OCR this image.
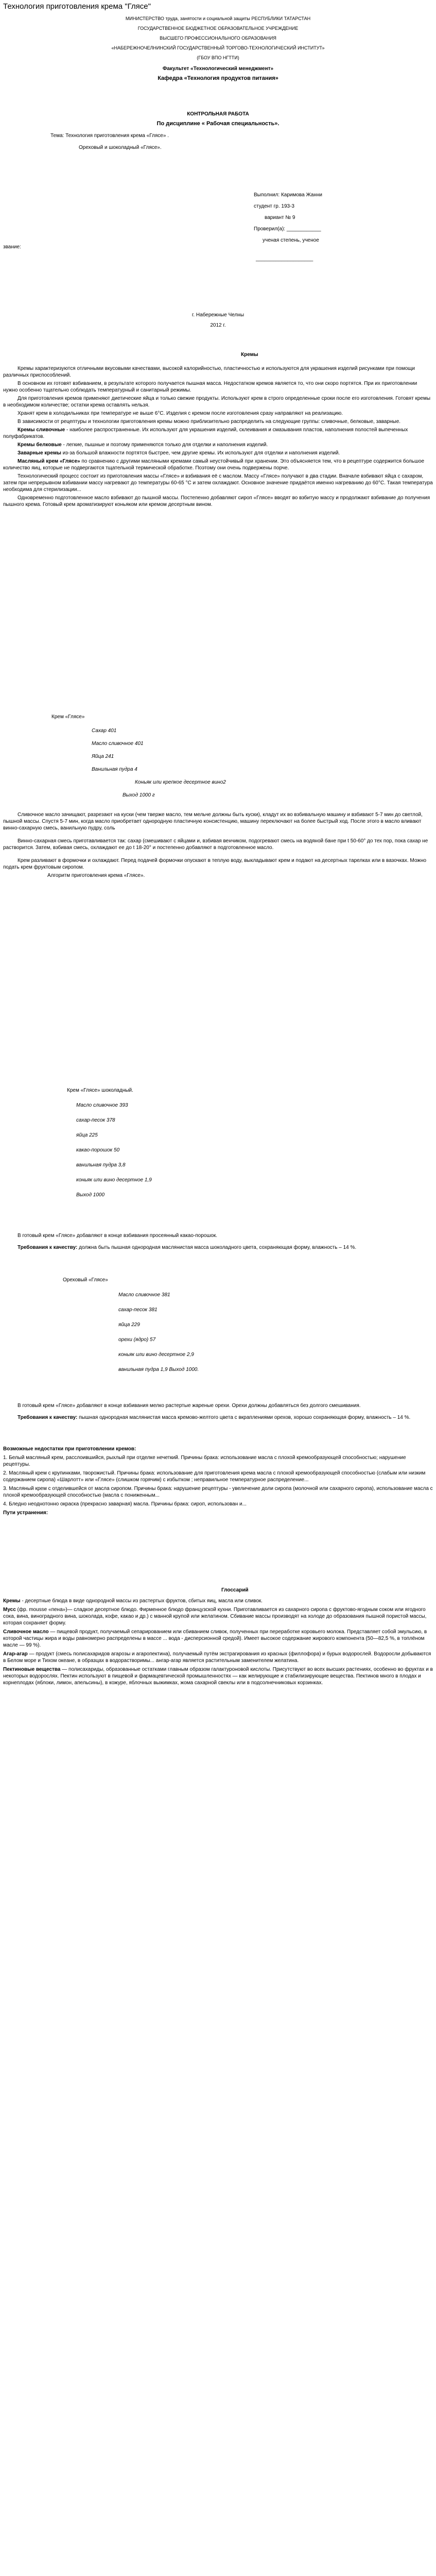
Технология приготовления крема "Глясе"
МИНИСТЕРСТВО труда, занятости и социальной защиты РЕСПУБЛИКИ ТАТАРСТАН
ГОСУДАРСТВЕННОЕ БЮДЖЕТНОЕ ОБРАЗОВАТЕЛЬНОЕ УЧРЕЖДЕНИЕ
ВЫСШЕГО ПРОФЕССИОНАЛЬНОГО ОБРАЗОВАНИЯ
«НАБЕРЕЖНОЧЕЛНИНСКИЙ ГОСУДАРСТВЕННЫЙ ТОРГОВО-ТЕХНОЛОГИЧЕСКИЙ ИНСТИТУТ»
(ГБОУ ВПО НГТТИ)
Факультет «Технологический менеджмент»
Кафедра «Технология продуктов питания»
КОНТРОЛЬНАЯ РАБОТА
По дисциплине « Рабочая специальность».
Тема: Технология приготовления крема «Глясе» .
Ореховый и шоколадный «Глясе».
Выполнил: Каримова Жанни
студент гр. 193-3
вариант № 9
Проверил(а): ____________
ученая степень, ученое
звание:
____________________
г. Набережные Челны
2012 г.
Кремы

Кремы характеризуются отличными вкусовыми качествами, высокой калорийностью, пластичностью и используются для украшения изделий рисунками при помощи различных приспособлений.

В основном их готовят взбиванием, в результате которого получается пышная масса. Недостатком кремов является то, что они скоро портятся. При их приготовлении нужно особенно тщательно соблюдать температурный и санитарный режимы.

Для приготовления кремов применяют диетические яйца и только свежие продукты. Используют крем в строго определенные сроки после его изготовления. Готовят кремы в необходимом количестве; остатки крема оставлять нельзя.

Хранят крем в холодильниках при температуре не выше 6°С. Изделия с кремом после изготовления сразу направляют на реализацию.

В зависимости от рецептуры и технологии приготовления кремы можно приблизительно распределить на следующие группы: сливочные, белковые, заварные.

Кремы сливочные - наиболее распространенные. Их используют для украшения изделий, склеивания и смазывания пластов, наполнения полостей выпеченных полуфабрикатов.

Кремы белковые - легкие, пышные и поэтому применяются только для отделки и наполнения изделий.

Заварные кремы из-за большой влажности портятся быстрее, чем другие кремы. Их используют для отделки и наполнения изделий.

Масляный крем «Глясе» по сравнению с другими масляными кремами самый неустойчивый при хранении. Это объясняется тем, что в рецептуре содержится большое количество яиц, которые не подвергаются тщательной термической обработке. Поэтому они очень подвержены порче.

Технологический процесс состоит из приготовления массы «Глясе» и взбивания её с маслом. Массу «Глясе» получают в два стадии. Вначале взбивают яйца с сахаром, затем при непрерывном взбивании массу нагревают до температуры 60-65 °C и затем охлаждают. Основное значение придаётся именно нагреванию до 60°C. Такая температура необходима для стерилизации...

Одновременно подготовленное масло взбивают до пышной массы. Постепенно добавляют сироп «Глясе» вводят во взбитую массу и продолжают взбивание до получения пышного крема. Готовый крем ароматизируют коньяком или кремом десертным вином.

Крем «Глясе»
Сахар 401
Масло сливочное 401
Яйца 241
Ванильная пудра 4
Коньяк или крепкое десертное вино2
Выход 1000 г

Сливочное масло зачищают, разрезают на куски (чем тверже масло, тем мельче должны быть куски), кладут их во взбивальную машину и взбивают 5-7 мин до светлой, пышной массы. Спустя 5-7 мин, когда масло приобретает однородную пластичную консистенцию, машину переключают на более быстрый ход. После этого в масло вливают винно-сахарную смесь, ванильную пудру, соль

Винно-сахарная смесь приготавливается так: сахар (смешивают с яйцами и, взбивая венчиком, подогревают смесь на водяной бане при t 50-60° до тех пор, пока сахар не растворится. Затем, взбивая смесь, охлаждают ее до t 18-20° и постепенно добавляют в подготовленное масло.

Крем разливают в формочки и охлаждают. Перед подачей формочки опускают в теплую воду, выкладывают крем и подают на десертных тарелках или в вазочках. Можно подать крем фруктовым сиропом.

Алгоритм приготовления крема «Глясе».
Крем «Глясе» шоколадный.
Масло сливочное 393
сахар-песок 378
яйца 225
какао-порошок 50
ванильная пудра 3,8
коньяк или вино десертное 1,9
Выход 1000

В готовый крем «Глясе» добавляют в конце взбивания просеянный какао-порошок.

Требования к качеству: должна быть пышная однородная маслянистая масса шоколадного цвета, сохраняющая форму, влажность – 14 %.

Ореховый «Глясе»
Масло сливочное 381
сахар-песок 381
яйца 229
орехи (ядро) 57
коньяк или вино десертное 2,9
ванильная пудра 1,9 Выход 1000.

В готовый крем «Глясе» добавляют в конце взбивания мелко растертые жареные орехи. Орехи должны добавляться без долгого смешивания.

Требования к качеству: пышная однородная маслянистая масса кремово-желтого цвета с вкраплениями орехов, хорошо сохраняющая форму, влажность – 14 %.

Возможные недостатки при приготовлении кремов:

1. Белый масляный крем, расслоившийся, рыхлый при отделке нечеткий. Причины брака: использование масла с плохой кремообразующей способностью; нарушение рецептуры.

2. Масляный крем с крупинками, творожистый. Причины брака: использование для приготовления крема масла с плохой кремообразующей способностью (слабым или низким содержанием сиропа) «Шарлотт» или «Глясе» (слишком горячим) с избытком ; неправильное температурное распределение...

3. Масляный крем с отделившейся от масла сиропом. Причины брака: нарушение рецептуры - увеличение доли сиропа (молочной или сахарного сиропа), использование масла с плохой кремообразующей способностью (масла с пониженным...

4. Бледно неоднотонно окраска (прекрасно заварная) масла. Причины брака: сироп, использован и...

Пути устранения:

Глоссарий

Кремы - десертные блюда в виде однородной массы из растертых фруктов, сбитых яиц, масла или сливок.

Мусс (фр. mousse «пена»)— сладкое десертное блюдо. Фирменное блюдо французской кухни. Приготавливается из сахарного сиропа с фруктово-ягодным соком или ягодного сока, вина, виноградного вина, шоколада, кофе, какао и др.) с манной крупой или желатином. Сбивание массы производят на холоде до образования пышной пористой массы, которая сохраняет форму.

Сливочное масло — пищевой продукт, получаемый сепарированием или сбиванием сливок, полученных при переработке коровьего молока. Представляет собой эмульсию, в которой частицы жира и воды равномерно распределены в массе ... вода - дисперсионной средой). Имеет высокое содержание жирового компонента (50—82,5 %, в топлёном масле — 99 %).

Агар-агар — продукт (смесь полисахаридов агарозы и агаропектина), получаемый путём экстрагирования из красных (филлофора) и бурых водорослей. Водоросли добываются в Белом море и Тихом океане, в образцах в водорастворимы... ангар-агар является растительным заменителем желатина.

Пектиновые вещества — полисахариды, образованные остатками главным образом галактуроновой кислоты. Присутствуют во всех высших растениях, особенно во фруктах и в некоторых водорослях. Пектин используют в пищевой и фармацевтической промышленностях — как желирующие и стабилизирующие вещества. Пектинов много в плодах и корнеплодах (яблоки, лимон, апельсины), в кожуре, яблочных выжимках, жома сахарной свеклы или в подсолнечниковых корзинках.
